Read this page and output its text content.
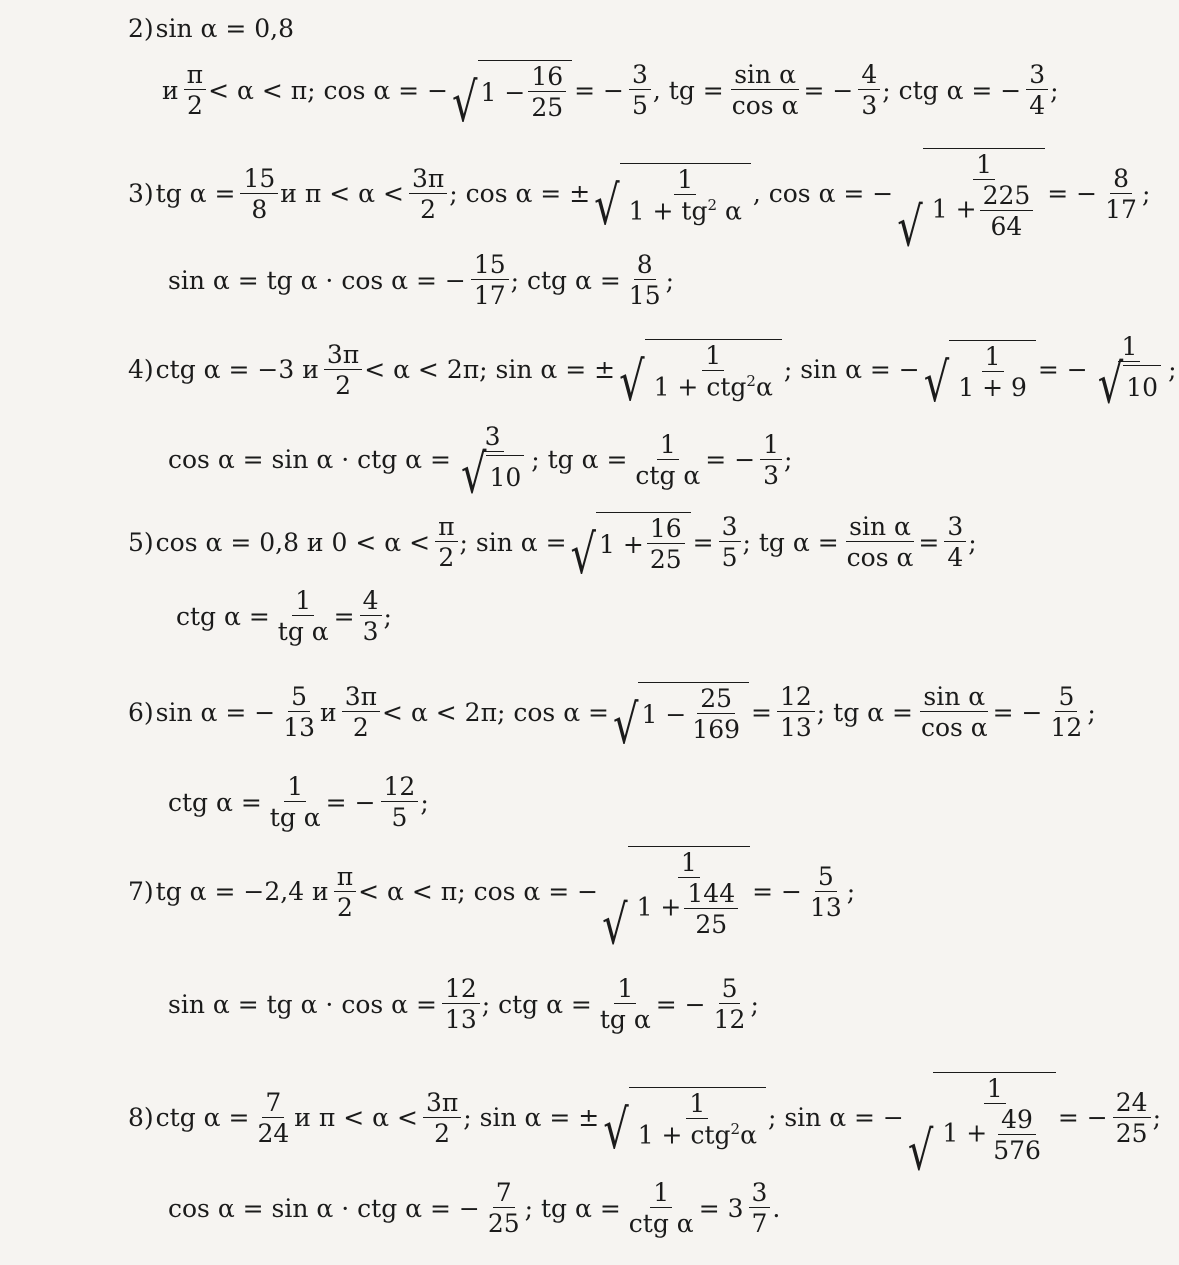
2) sin α = 0,8
и $\frac{\pi}{2} < \alpha < \pi$; cos α = − √ $1 - \frac{16}{25}$ = − $\frac{3}{5}$ , tg = $\frac{\text{sin α}}{\text{cos α}}$ = − $\frac{4}{3}$ ; ctg α = − $\frac{3}{4}$ ;
3) tg $\alpha = \frac{15}{8}$ и $\pi < \alpha < \frac{3\pi}{2}$ ; cos α = ± √ $\frac{1}{1 + tg^2 \alpha}$ , cos α = −
√ $\frac{1}{1 + \frac{225}{64}}$ = − $\frac{8}{17}$ ;
sin α = tg α · cos α = − $\frac{15}{17}$ ; ctg $\alpha = \frac{8}{15}$ ;
4) ctg α = −3 и $\frac{3\pi}{2} < \alpha < 2\pi$; sin α = ± √ $\frac{1}{1 + ctg^2\alpha}$ ; sin α = − √ $\frac{1}{1 + 9}$ = − $\frac{1}{√ 10}$ ;
cos α = sin α · ctg $\alpha = \frac{3}{√ 10}$ ; tg $\alpha = \frac{1}{\text{ctg α}}$ = − $\frac{1}{3}$ ;
5) cos α = 0,8 и $0 < \alpha < \frac{\pi}{2}$ ; sin α = √ $1 + \frac{16}{25} = \frac{3}{5}$ ; tg $\alpha = \frac{\text{sin α}}{\text{cos α}} = \frac{3}{4}$ ;
ctg $\alpha = \frac{1}{\text{tg α}} = \frac{4}{3}$ ;
6) sin α = − $\frac{5}{13}$ и $\frac{3\pi}{2} < \alpha < 2\pi$; cos α = √ $1 - \frac{25}{169} = \frac{12}{13}$ ; tg $\alpha = \frac{\text{sin α}}{\text{cos α}}$ = − $\frac{5}{12}$ ;
ctg $\alpha = \frac{1}{\text{tg α}}$ = − $\frac{12}{5}$ ;
7) tg α = −2,4 и $\frac{\pi}{2} < \alpha < \pi$; cos α = −
√ $\frac{1}{1 + \frac{144}{25}}$ = − $\frac{5}{13}$ ;
sin α = tg $\alpha \cdot \cos \alpha = \frac{12}{13}$ ; ctg $\alpha = \frac{1}{\text{tg α}}$ = − $\frac{5}{12}$ ;
8) ctg $\alpha = \frac{7}{24}$ и $\pi < \alpha < \frac{3\pi}{2}$ ; sin α = ± √ $\frac{1}{1 + ctg^2\alpha}$ ; sin α = −
√ $\frac{1}{1 + \frac{49}{576}}$ = − $\frac{24}{25}$ ;
cos α = sin α · ctg α = − $\frac{7}{25}$ ; tg $\alpha = \frac{1}{\text{ctg α}} = 3 \frac{3}{7}$ .
